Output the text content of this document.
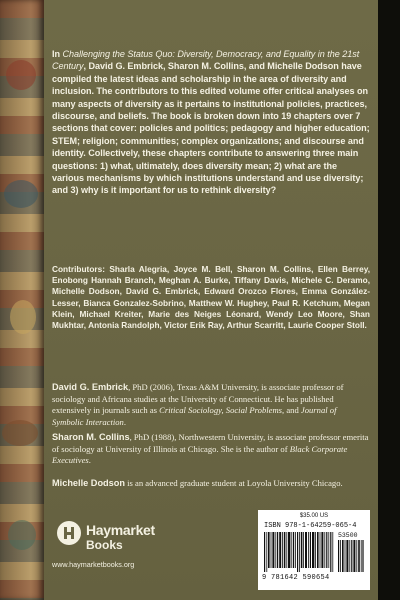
In Challenging the Status Quo: Diversity, Democracy, and Equality in the 21st Century, David G. Embrick, Sharon M. Collins, and Michelle Dodson have compiled the latest ideas and scholarship in the area of diversity and inclusion. The contributors to this edited volume offer critical analyses on many aspects of diversity as it pertains to institutional policies, practices, discourse, and beliefs. The book is broken down into 19 chapters over 7 sections that cover: policies and politics; pedagogy and higher education; STEM; religion; communities; complex organizations; and discourse and identity. Collectively, these chapters contribute to answering three main questions: 1) what, ultimately, does diversity mean; 2) what are the various mechanisms by which institutions understand and use diversity; and 3) why is it important for us to rethink diversity?
Contributors: Sharla Alegria, Joyce M. Bell, Sharon M. Collins, Ellen Berrey, Enobong Hannah Branch, Meghan A. Burke, Tiffany Davis, Michele C. Deramo, Michelle Dodson, David G. Embrick, Edward Orozco Flores, Emma González-Lesser, Bianca Gonzalez-Sobrino, Matthew W. Hughey, Paul R. Ketchum, Megan Klein, Michael Kreiter, Marie des Neiges Léonard, Wendy Leo Moore, Shan Mukhtar, Antonia Randolph, Victor Erik Ray, Arthur Scarritt, Laurie Cooper Stoll.
David G. Embrick, PhD (2006), Texas A&M University, is associate professor of sociology and Africana studies at the University of Connecticut. He has published extensively in journals such as Critical Sociology, Social Problems, and Journal of Symbolic Interaction.
Sharon M. Collins, PhD (1988), Northwestern University, is associate professor emerita of sociology at University of Illinois at Chicago. She is the author of Black Corporate Executives.
Michelle Dodson is an advanced graduate student at Loyola University Chicago.
Haymarket
Books
www.haymarketbooks.org
$35.00 US
ISBN 978-1-64259-065-4
53500
9 781642 590654
